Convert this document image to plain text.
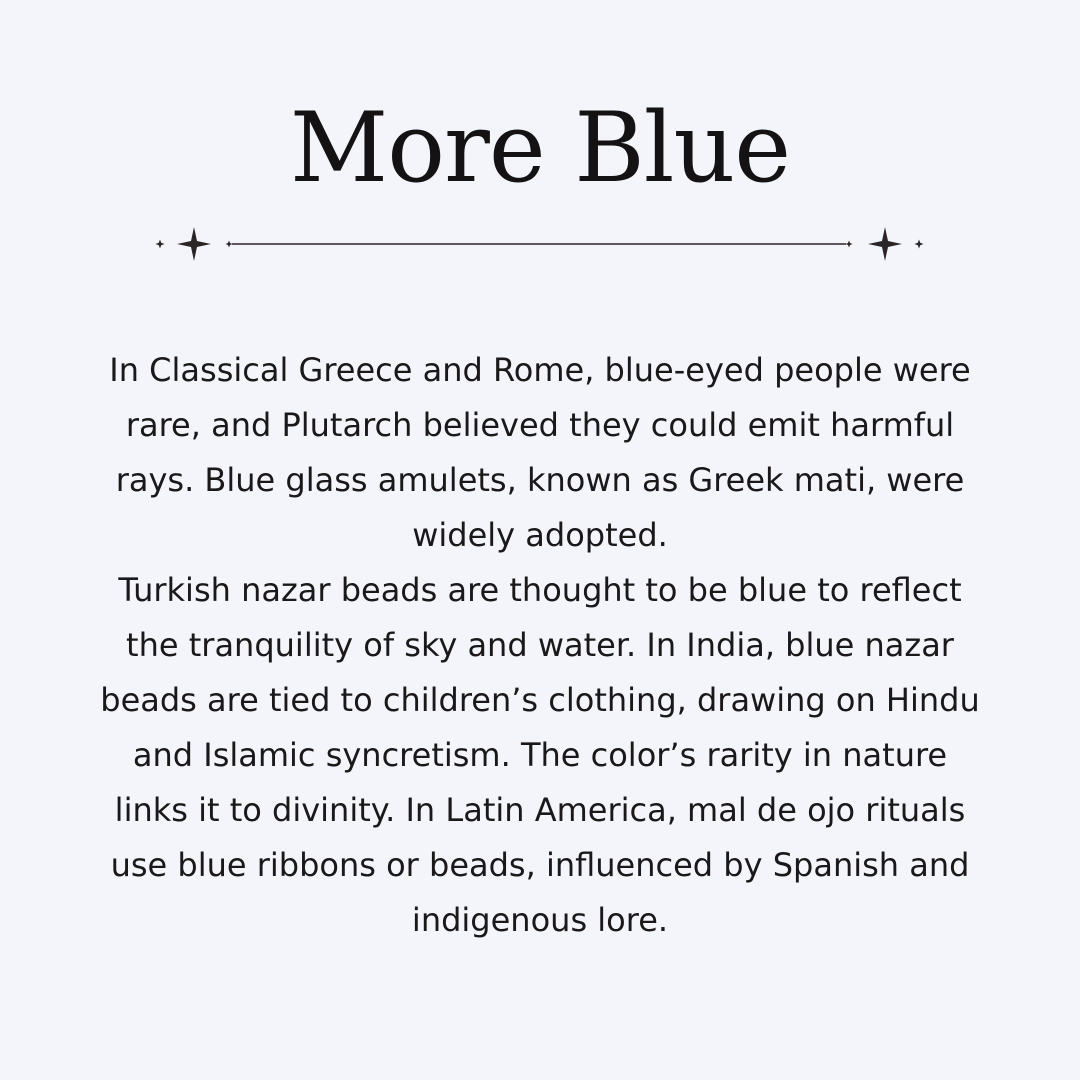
More Blue

In Classical Greece and Rome, blue-eyed people were rare, and Plutarch believed they could emit harmful rays. Blue glass amulets, known as Greek mati, were widely adopted.

Turkish nazar beads are thought to be blue to reflect the tranquility of sky and water. In India, blue nazar beads are tied to children’s clothing, drawing on Hindu and Islamic syncretism. The color’s rarity in nature links it to divinity. In Latin America, mal de ojo rituals use blue ribbons or beads, influenced by Spanish and indigenous lore.
